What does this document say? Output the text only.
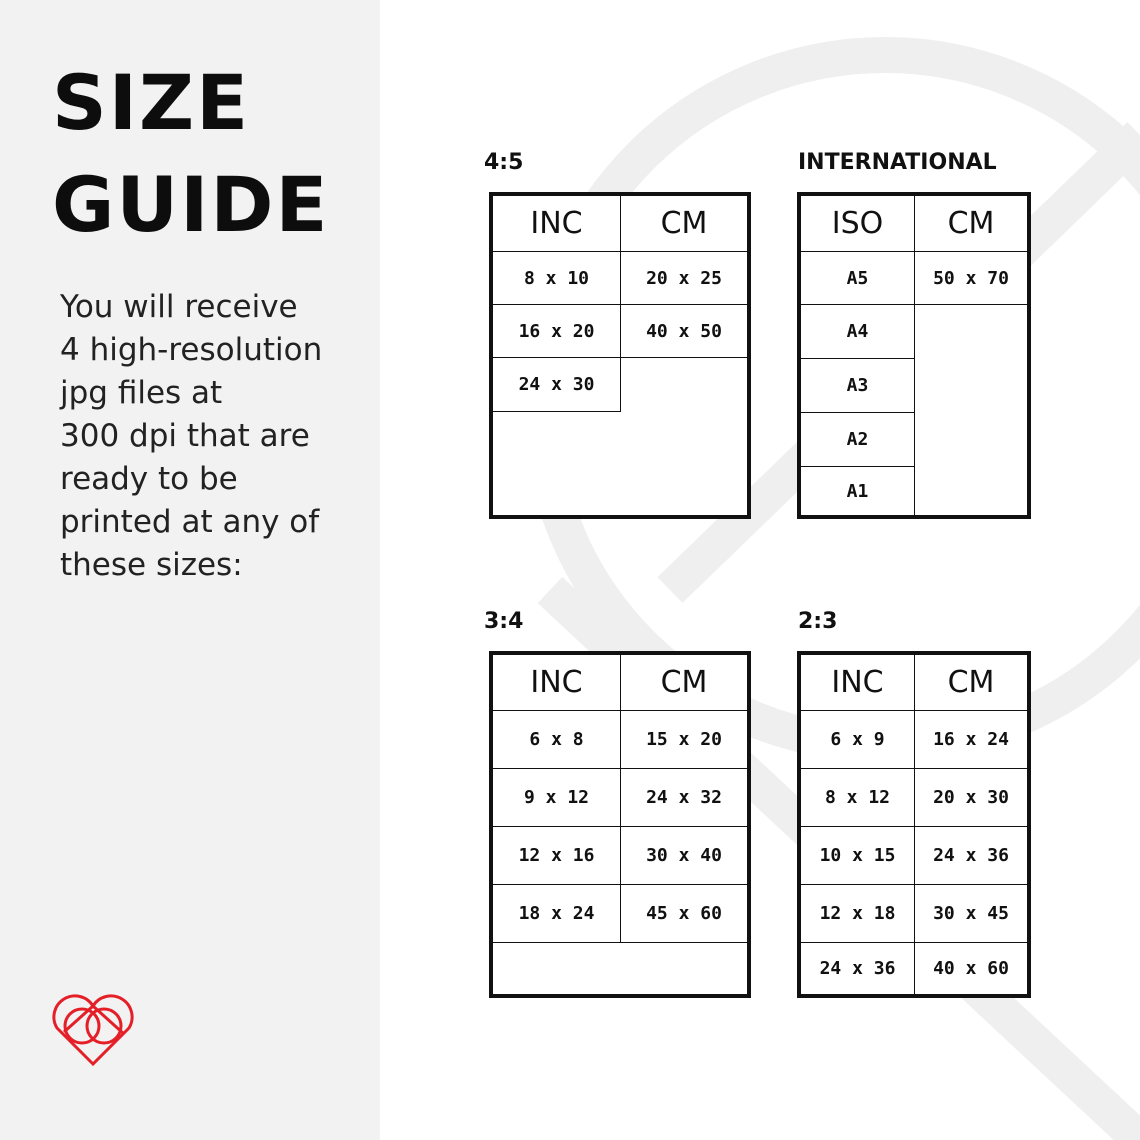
SIZE
GUIDE

You will receive
4 high-resolution
jpg files at
300 dpi that are
ready to be
printed at any of
these sizes:

4:5
INC	CM
8 x 10	20 x 25
16 x 20	40 x 50
24 x 30
INTERNATIONAL
ISO	CM
A5	50 x 70
A4
A3
A2
A1
3:4
INC	CM
6 x 8	15 x 20
9 x 12	24 x 32
12 x 16	30 x 40
18 x 24	45 x 60
2:3
INC	CM
6 x 9	16 x 24
8 x 12	20 x 30
10 x 15	24 x 36
12 x 18	30 x 45
24 x 36	40 x 60
